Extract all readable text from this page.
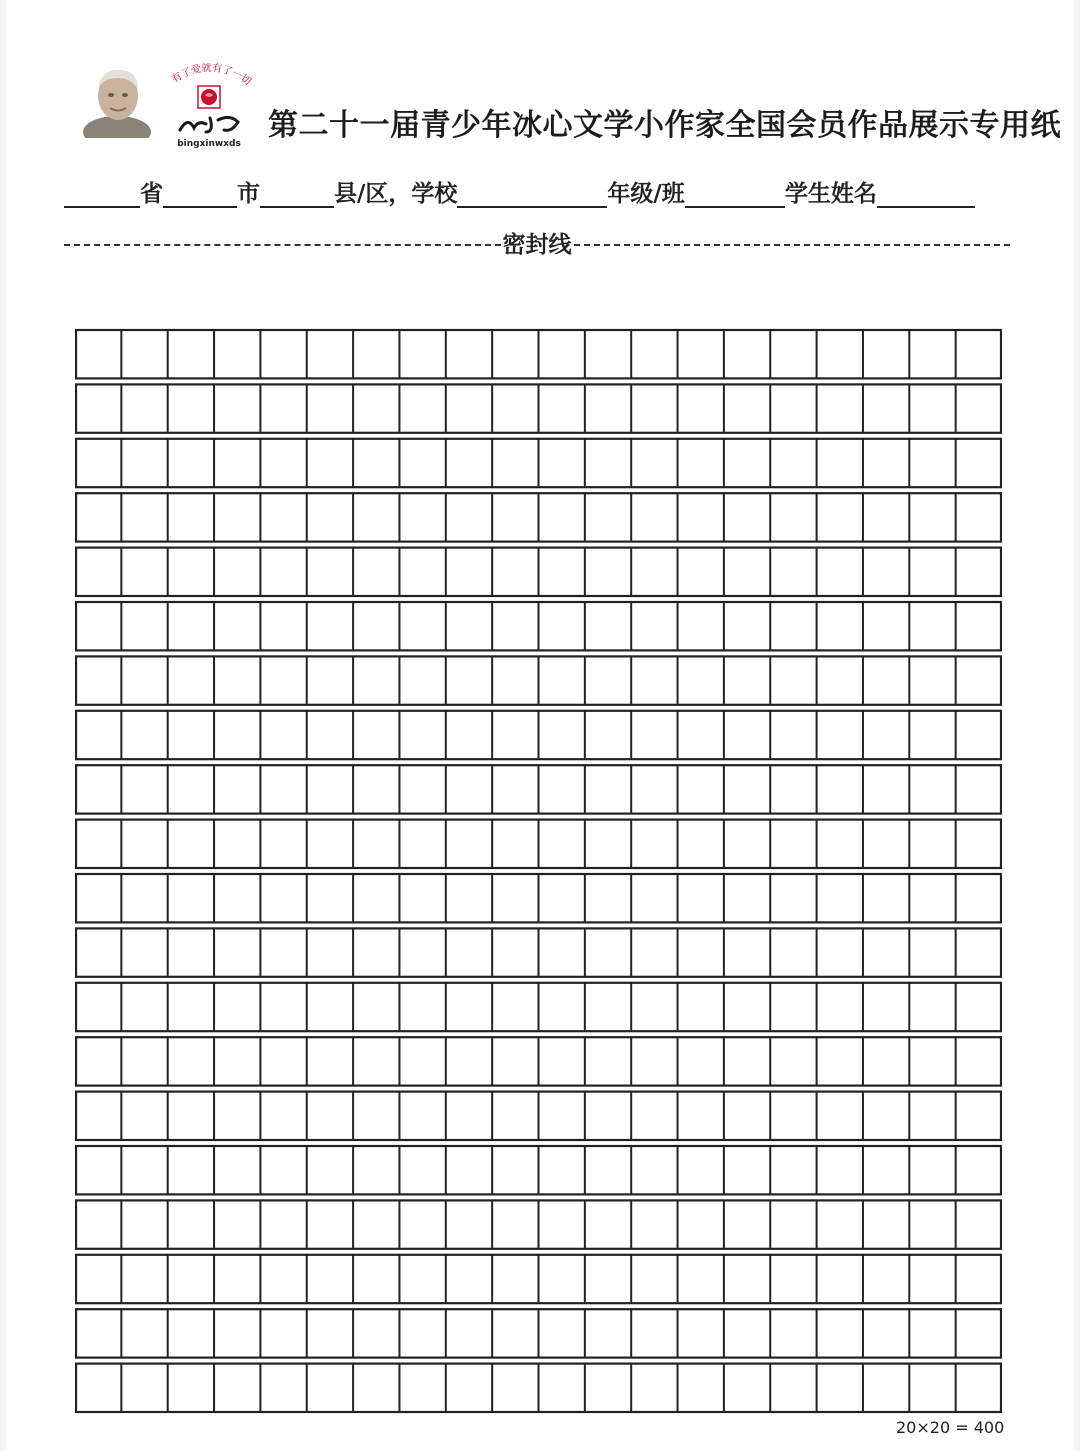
有了爱就有了一切
bingxinwxds
冰心 第二十一届青少年冰心文学小作家全国会员作品展示专用纸
省	市	县/区，学校	年级/班	学生姓名
密封线
20×20 = 400
